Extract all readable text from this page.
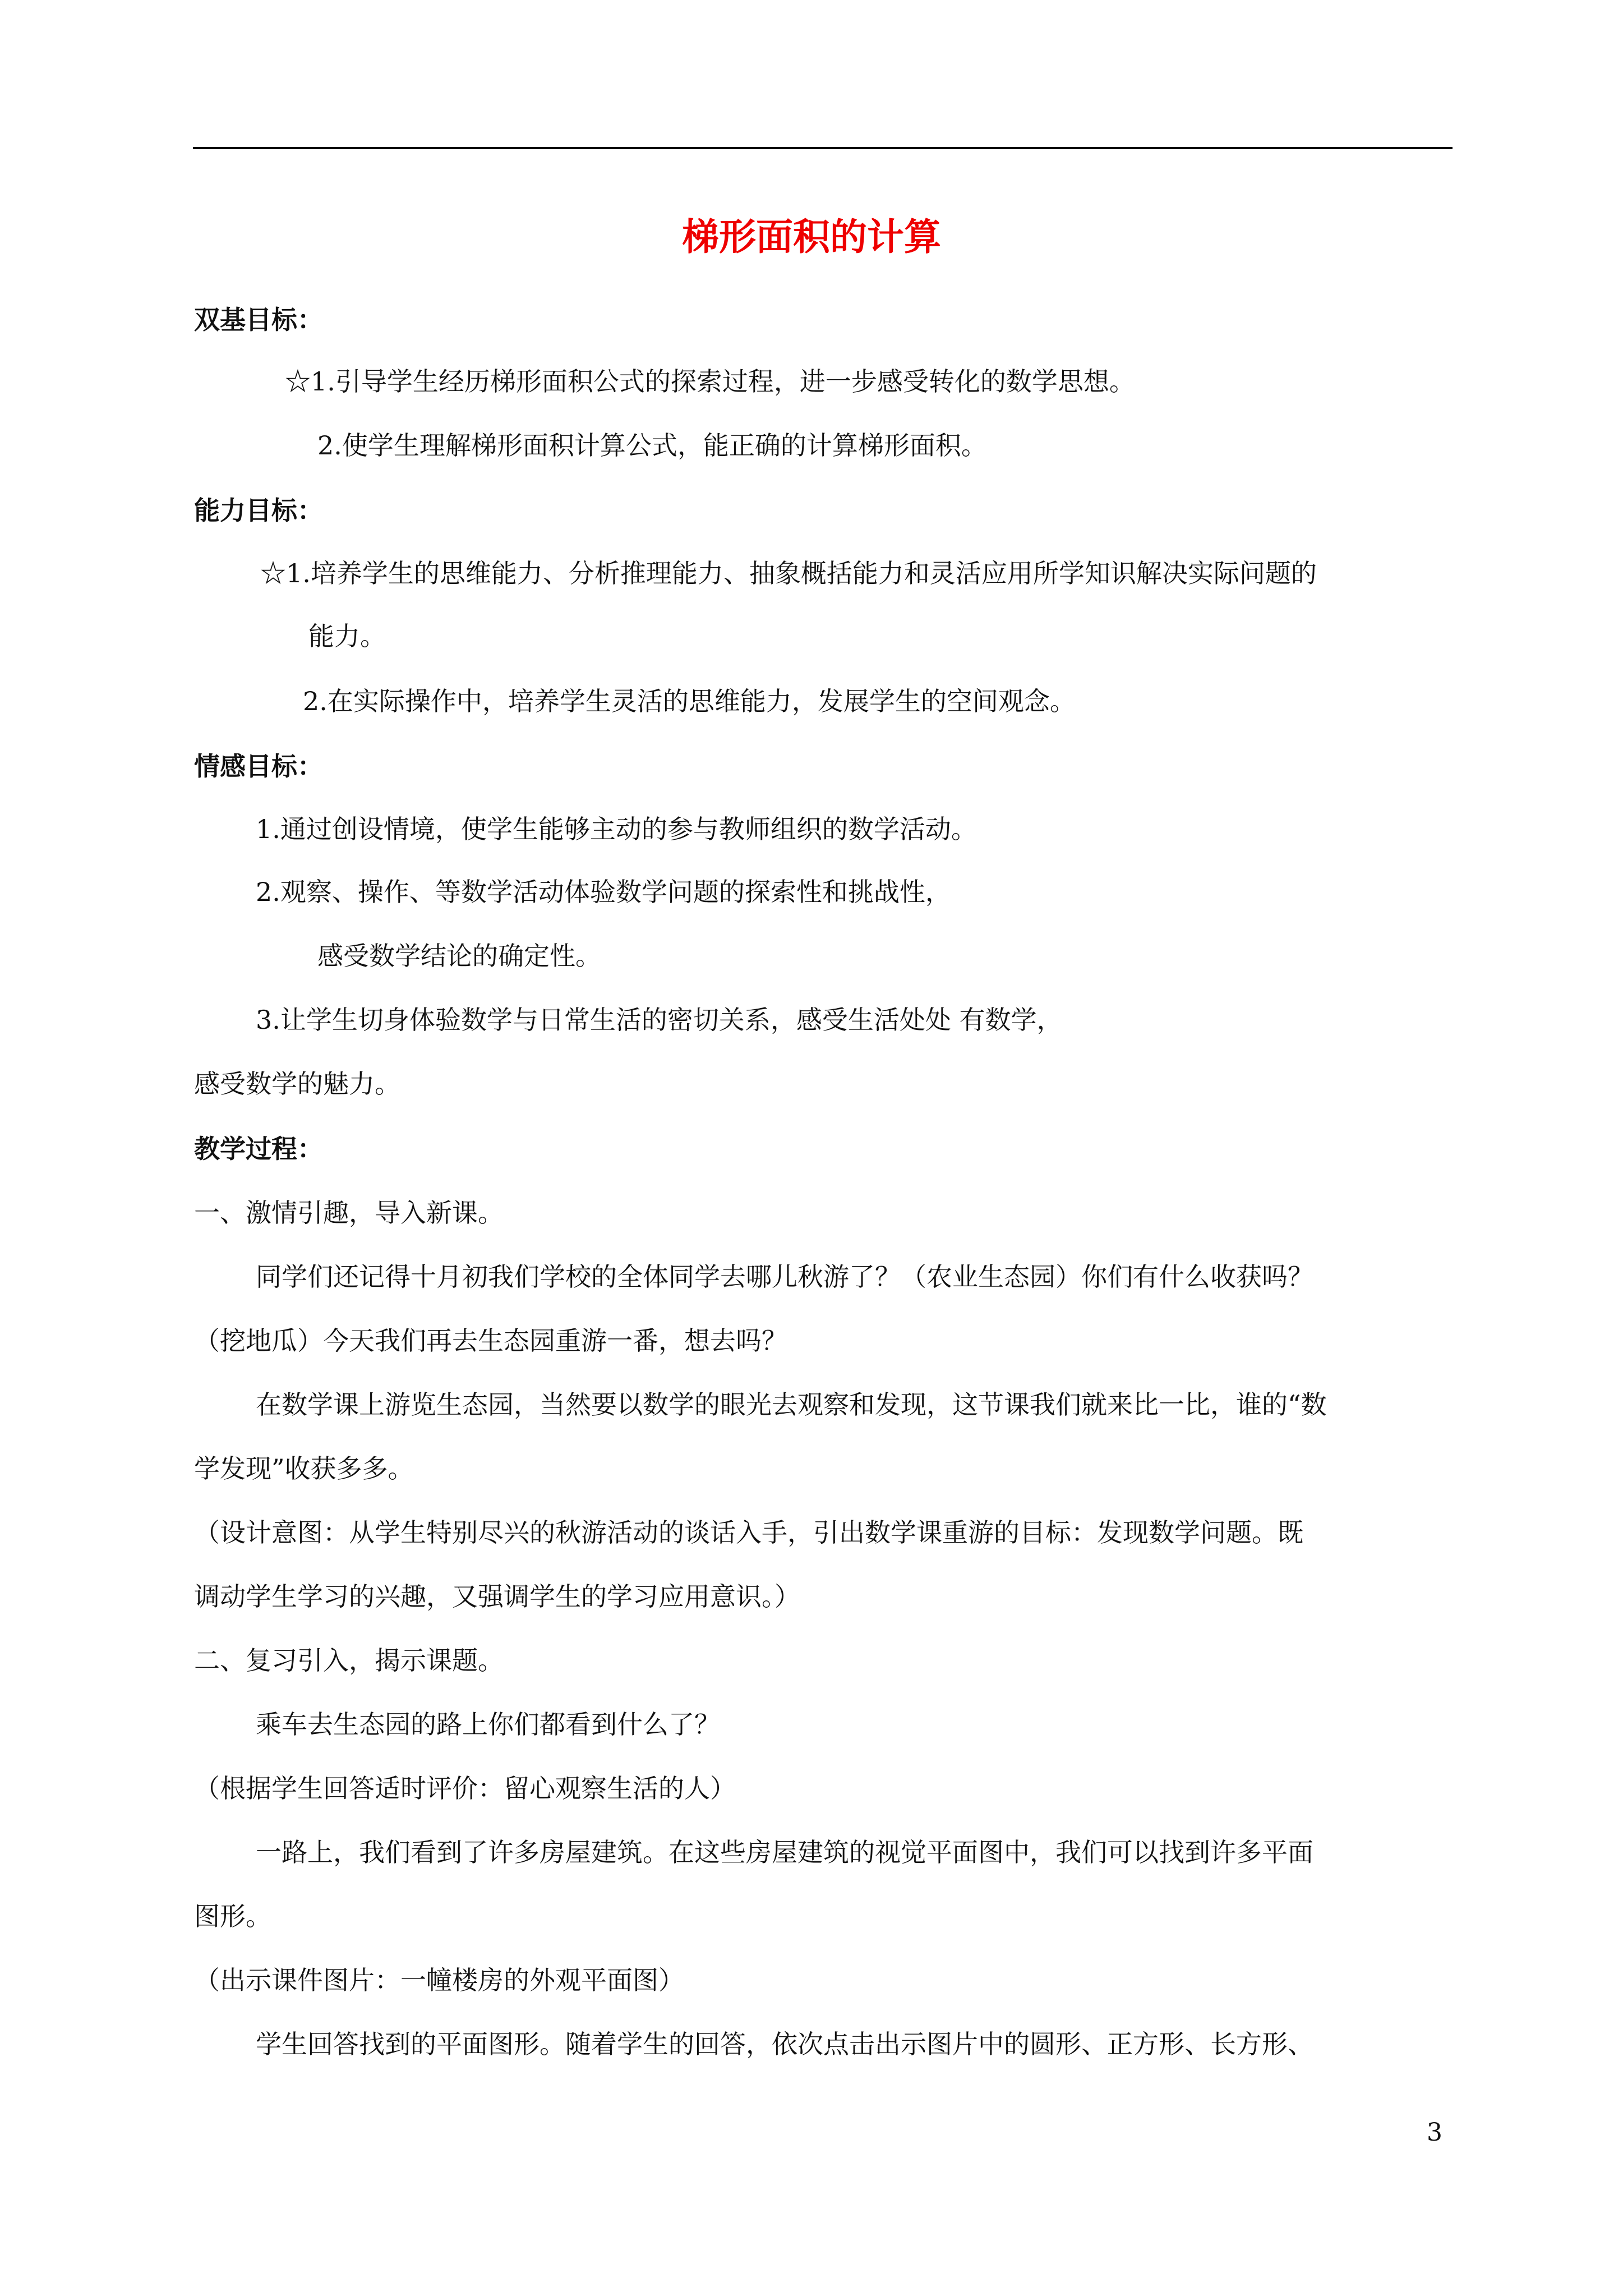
梯形面积的计算
双基目标：
☆1.引导学生经历梯形面积公式的探索过程，进一步感受转化的数学思想。
2.使学生理解梯形面积计算公式，能正确的计算梯形面积。
能力目标：
☆1.培养学生的思维能力、分析推理能力、抽象概括能力和灵活应用所学知识解决实际问题的
能力。
2.在实际操作中，培养学生灵活的思维能力，发展学生的空间观念。
情感目标：
1.通过创设情境，使学生能够主动的参与教师组织的数学活动。
2.观察、操作、等数学活动体验数学问题的探索性和挑战性，
感受数学结论的确定性。
3.让学生切身体验数学与日常生活的密切关系，感受生活处处 有数学，
感受数学的魅力。
教学过程：
一、激情引趣，导入新课。
同学们还记得十月初我们学校的全体同学去哪儿秋游了？（农业生态园）你们有什么收获吗？
（挖地瓜）今天我们再去生态园重游一番，想去吗？
在数学课上游览生态园，当然要以数学的眼光去观察和发现，这节课我们就来比一比，谁的“数
学发现”收获多多。
（设计意图：从学生特别尽兴的秋游活动的谈话入手，引出数学课重游的目标：发现数学问题。既
调动学生学习的兴趣，又强调学生的学习应用意识。）
二、复习引入，揭示课题。
乘车去生态园的路上你们都看到什么了？
（根据学生回答适时评价：留心观察生活的人）
一路上，我们看到了许多房屋建筑。在这些房屋建筑的视觉平面图中，我们可以找到许多平面
图形。
（出示课件图片：一幢楼房的外观平面图）
学生回答找到的平面图形。随着学生的回答，依次点击出示图片中的圆形、正方形、长方形、
3
